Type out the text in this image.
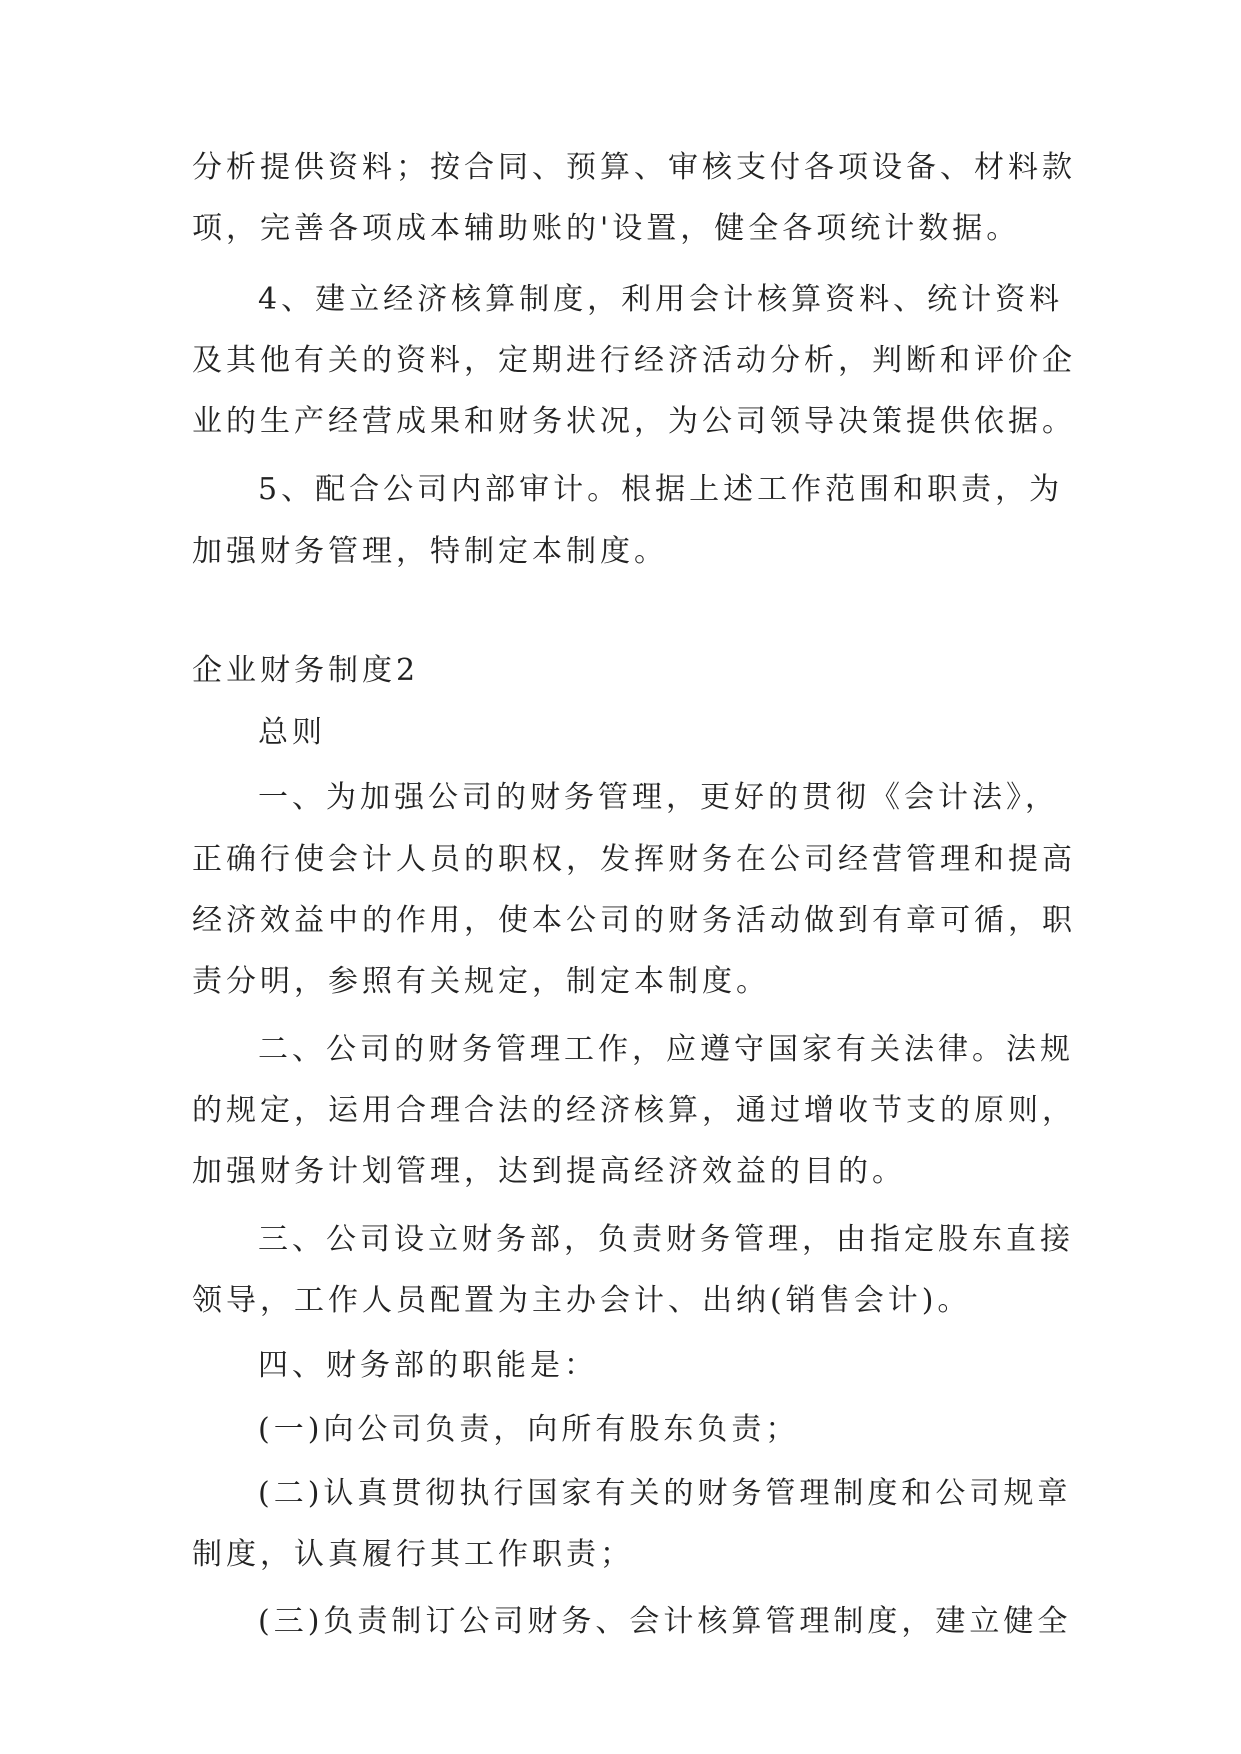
分析提供资料；按合同、预算、审核支付各项设备、材料款
项，完善各项成本辅助账的'设置，健全各项统计数据。
4、建立经济核算制度，利用会计核算资料、统计资料
及其他有关的资料，定期进行经济活动分析，判断和评价企
业的生产经营成果和财务状况，为公司领导决策提供依据。
5、配合公司内部审计。根据上述工作范围和职责，为
加强财务管理，特制定本制度。
企业财务制度2
总则
一、为加强公司的财务管理，更好的贯彻《会计法》，
正确行使会计人员的职权，发挥财务在公司经营管理和提高
经济效益中的作用，使本公司的财务活动做到有章可循，职
责分明，参照有关规定，制定本制度。
二、公司的财务管理工作，应遵守国家有关法律。法规
的规定，运用合理合法的经济核算，通过增收节支的原则，
加强财务计划管理，达到提高经济效益的目的。
三、公司设立财务部，负责财务管理，由指定股东直接
领导，工作人员配置为主办会计、出纳(销售会计)。
四、财务部的职能是：
(一)向公司负责，向所有股东负责；
(二)认真贯彻执行国家有关的财务管理制度和公司规章
制度，认真履行其工作职责；
(三)负责制订公司财务、会计核算管理制度，建立健全
